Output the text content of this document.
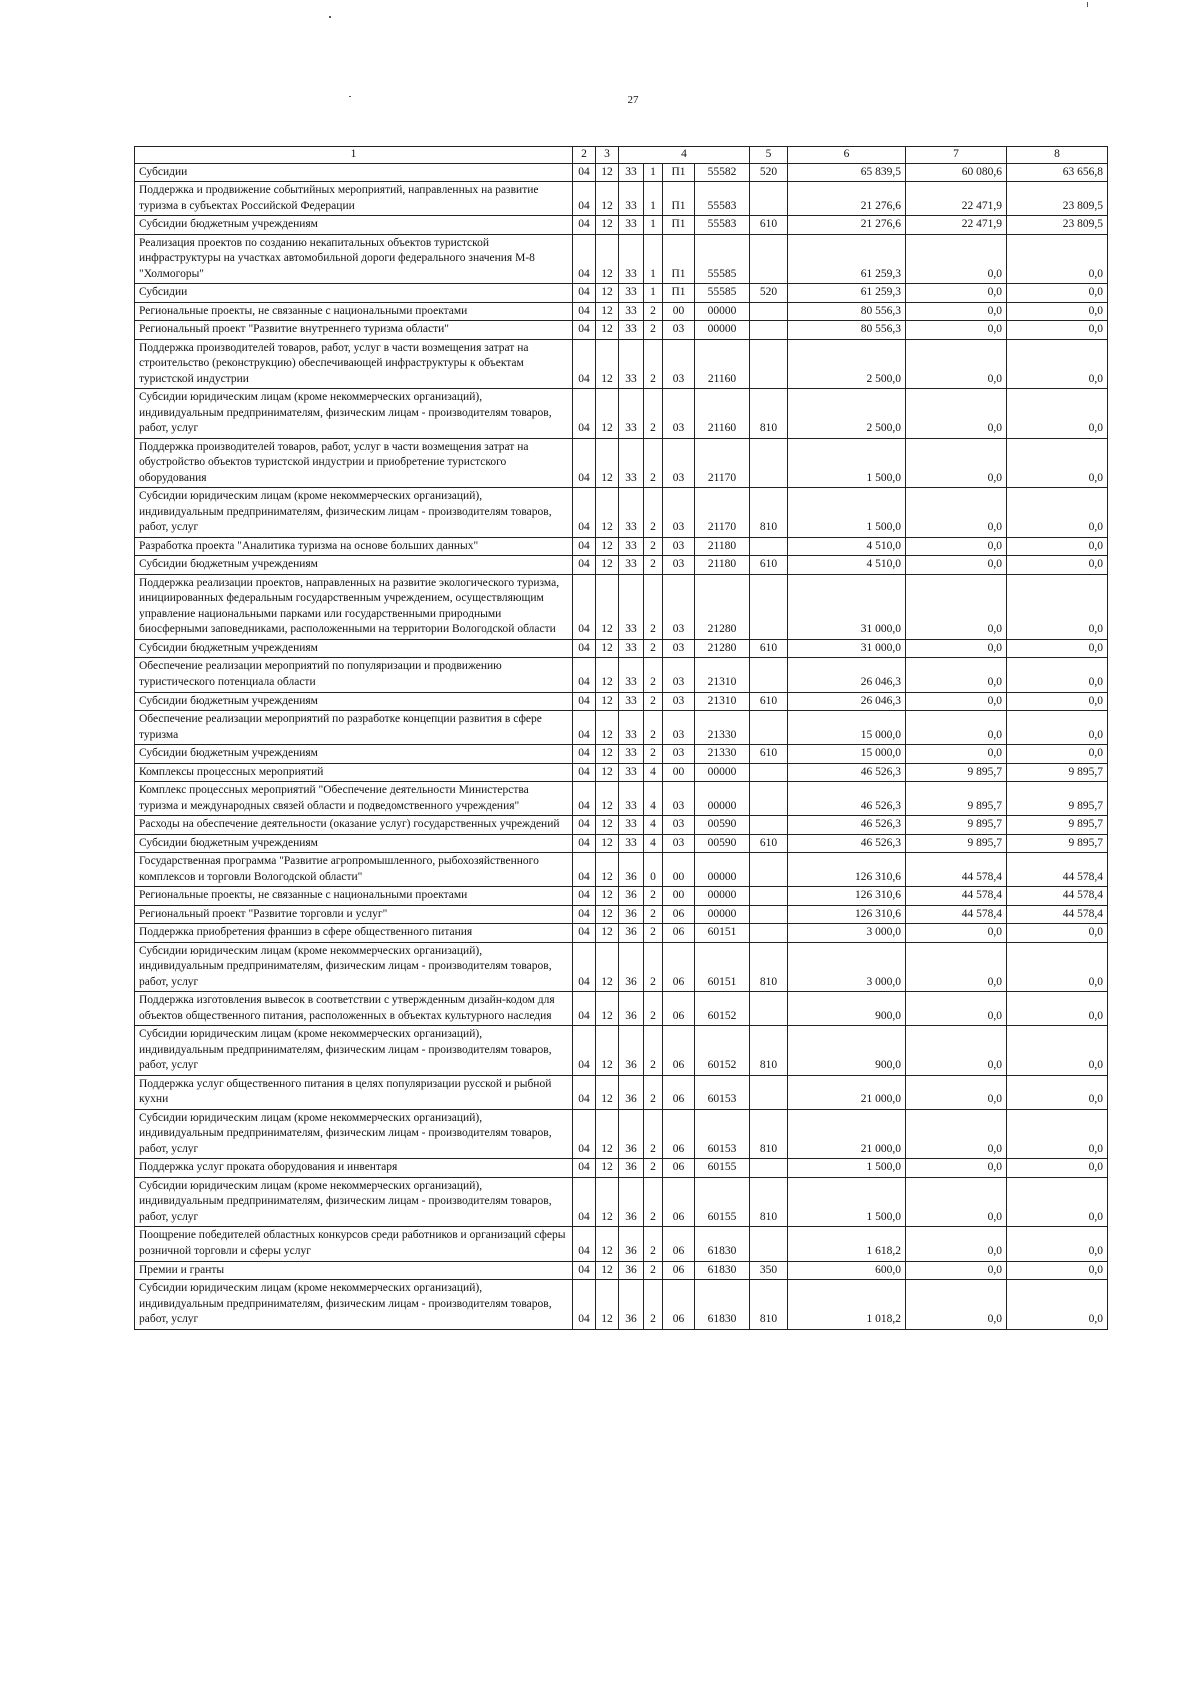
27
1	2	3	4				5	6	7	8
Субсидии	04	12	33	1	П1	55582	520	65 839,5	60 080,6	63 656,8
Поддержка и продвижение событийных мероприятий, направленных на развитие туризма в субъектах Российской Федерации	04	12	33	1	П1	55583		21 276,6	22 471,9	23 809,5
Субсидии бюджетным учреждениям	04	12	33	1	П1	55583	610	21 276,6	22 471,9	23 809,5
Реализация проектов по созданию некапитальных объектов туристской инфраструктуры на участках автомобильной дороги федерального значения М-8 "Холмогоры"	04	12	33	1	П1	55585		61 259,3	0,0	0,0
Субсидии	04	12	33	1	П1	55585	520	61 259,3	0,0	0,0
Региональные проекты, не связанные с национальными проектами	04	12	33	2	00	00000		80 556,3	0,0	0,0
Региональный проект "Развитие внутреннего туризма области"	04	12	33	2	03	00000		80 556,3	0,0	0,0
Поддержка производителей товаров, работ, услуг в части возмещения затрат на строительство (реконструкцию) обеспечивающей инфраструктуры к объектам туристской индустрии	04	12	33	2	03	21160		2 500,0	0,0	0,0
Субсидии юридическим лицам (кроме некоммерческих организаций), индивидуальным предпринимателям, физическим лицам - производителям товаров, работ, услуг	04	12	33	2	03	21160	810	2 500,0	0,0	0,0
Поддержка производителей товаров, работ, услуг в части возмещения затрат на обустройство объектов туристской индустрии и приобретение туристского оборудования	04	12	33	2	03	21170		1 500,0	0,0	0,0
Субсидии юридическим лицам (кроме некоммерческих организаций), индивидуальным предпринимателям, физическим лицам - производителям товаров, работ, услуг	04	12	33	2	03	21170	810	1 500,0	0,0	0,0
Разработка проекта "Аналитика туризма на основе больших данных"	04	12	33	2	03	21180		4 510,0	0,0	0,0
Субсидии бюджетным учреждениям	04	12	33	2	03	21180	610	4 510,0	0,0	0,0
Поддержка реализации проектов, направленных на развитие экологического туризма, инициированных федеральным государственным учреждением, осуществляющим управление национальными парками или государственными природными биосферными заповедниками, расположенными на территории Вологодской области	04	12	33	2	03	21280		31 000,0	0,0	0,0
Субсидии бюджетным учреждениям	04	12	33	2	03	21280	610	31 000,0	0,0	0,0
Обеспечение реализации мероприятий по популяризации и продвижению туристического потенциала области	04	12	33	2	03	21310		26 046,3	0,0	0,0
Субсидии бюджетным учреждениям	04	12	33	2	03	21310	610	26 046,3	0,0	0,0
Обеспечение реализации мероприятий по разработке концепции развития в сфере туризма	04	12	33	2	03	21330		15 000,0	0,0	0,0
Субсидии бюджетным учреждениям	04	12	33	2	03	21330	610	15 000,0	0,0	0,0
Комплексы процессных мероприятий	04	12	33	4	00	00000		46 526,3	9 895,7	9 895,7
Комплекс процессных мероприятий "Обеспечение деятельности Министерства туризма и международных связей области и подведомственного учреждения"	04	12	33	4	03	00000		46 526,3	9 895,7	9 895,7
Расходы на обеспечение деятельности (оказание услуг) государственных учреждений	04	12	33	4	03	00590		46 526,3	9 895,7	9 895,7
Субсидии бюджетным учреждениям	04	12	33	4	03	00590	610	46 526,3	9 895,7	9 895,7
Государственная программа "Развитие агропромышленного, рыбохозяйственного комплексов и торговли Вологодской области"	04	12	36	0	00	00000		126 310,6	44 578,4	44 578,4
Региональные проекты, не связанные с национальными проектами	04	12	36	2	00	00000		126 310,6	44 578,4	44 578,4
Региональный проект "Развитие торговли и услуг"	04	12	36	2	06	00000		126 310,6	44 578,4	44 578,4
Поддержка приобретения франшиз в сфере общественного питания	04	12	36	2	06	60151		3 000,0	0,0	0,0
Субсидии юридическим лицам (кроме некоммерческих организаций), индивидуальным предпринимателям, физическим лицам - производителям товаров, работ, услуг	04	12	36	2	06	60151	810	3 000,0	0,0	0,0
Поддержка изготовления вывесок в соответствии с утвержденным дизайн-кодом для объектов общественного питания, расположенных в объектах культурного наследия	04	12	36	2	06	60152		900,0	0,0	0,0
Субсидии юридическим лицам (кроме некоммерческих организаций), индивидуальным предпринимателям, физическим лицам - производителям товаров, работ, услуг	04	12	36	2	06	60152	810	900,0	0,0	0,0
Поддержка услуг общественного питания в целях популяризации русской и рыбной кухни	04	12	36	2	06	60153		21 000,0	0,0	0,0
Субсидии юридическим лицам (кроме некоммерческих организаций), индивидуальным предпринимателям, физическим лицам - производителям товаров, работ, услуг	04	12	36	2	06	60153	810	21 000,0	0,0	0,0
Поддержка услуг проката оборудования и инвентаря	04	12	36	2	06	60155		1 500,0	0,0	0,0
Субсидии юридическим лицам (кроме некоммерческих организаций), индивидуальным предпринимателям, физическим лицам - производителям товаров, работ, услуг	04	12	36	2	06	60155	810	1 500,0	0,0	0,0
Поощрение победителей областных конкурсов среди работников и организаций сферы розничной торговли и сферы услуг	04	12	36	2	06	61830		1 618,2	0,0	0,0
Премии и гранты	04	12	36	2	06	61830	350	600,0	0,0	0,0
Субсидии юридическим лицам (кроме некоммерческих организаций), индивидуальным предпринимателям, физическим лицам - производителям товаров, работ, услуг	04	12	36	2	06	61830	810	1 018,2	0,0	0,0
